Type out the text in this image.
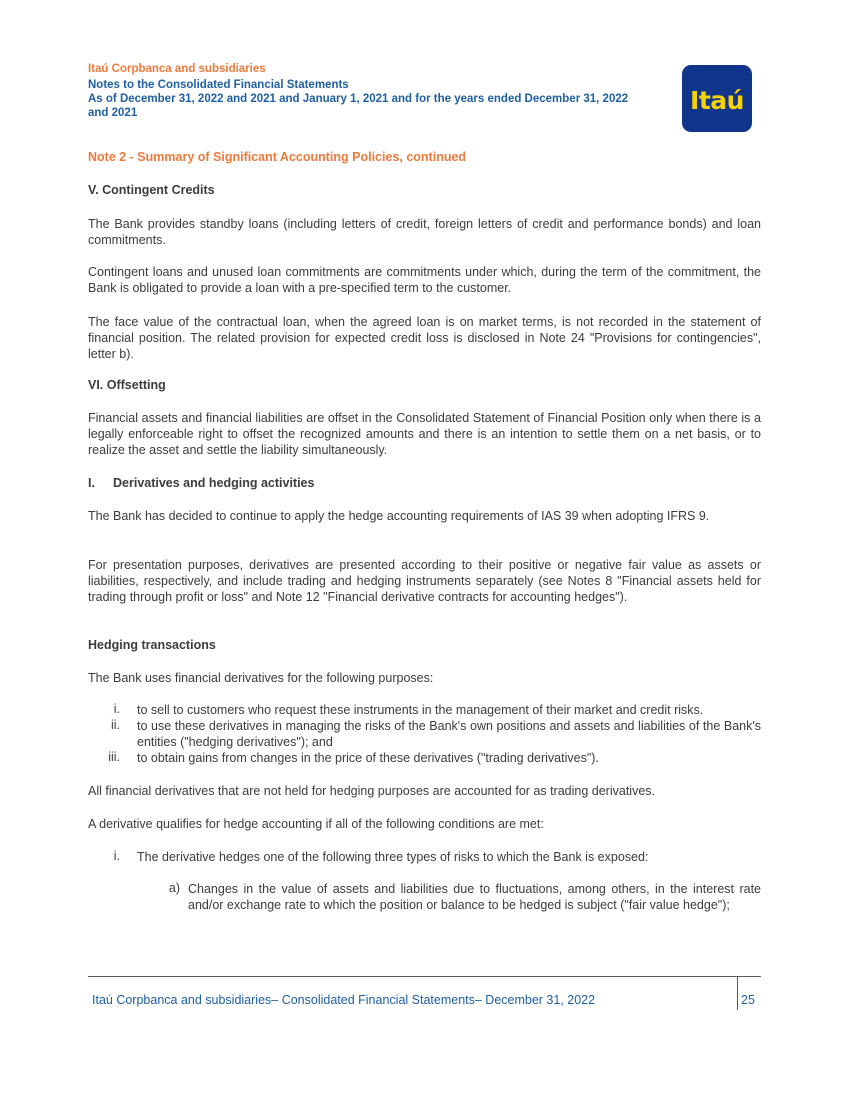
Itaú Corpbanca and subsidiaries
Notes to the Consolidated Financial Statements
As of December 31, 2022 and 2021 and January 1, 2021 and for the years ended December 31, 2022
and 2021	Itaú
Note 2 - Summary of Significant Accounting Policies, continued
V. Contingent Credits
The Bank provides standby loans (including letters of credit, foreign letters of credit and performance bonds) and loan commitments.
Contingent loans and unused loan commitments are commitments under which, during the term of the commitment, the Bank is obligated to provide a loan with a pre-specified term to the customer.
The face value of the contractual loan, when the agreed loan is on market terms, is not recorded in the statement of financial position. The related provision for expected credit loss is disclosed in Note 24 "Provisions for contingencies", letter b).
VI. Offsetting
Financial assets and financial liabilities are offset in the Consolidated Statement of Financial Position only when there is a legally enforceable right to offset the recognized amounts and there is an intention to settle them on a net basis, or to realize the asset and settle the liability simultaneously.
I. Derivatives and hedging activities
The Bank has decided to continue to apply the hedge accounting requirements of IAS 39 when adopting IFRS 9.
For presentation purposes, derivatives are presented according to their positive or negative fair value as assets or liabilities, respectively, and include trading and hedging instruments separately (see Notes 8 "Financial assets held for trading through profit or loss" and Note 12 "Financial derivative contracts for accounting hedges").
Hedging transactions
The Bank uses financial derivatives for the following purposes:
i. to sell to customers who request these instruments in the management of their market and credit risks.
ii. to use these derivatives in managing the risks of the Bank's own positions and assets and liabilities of the Bank's entities ("hedging derivatives"); and
iii. to obtain gains from changes in the price of these derivatives ("trading derivatives").
All financial derivatives that are not held for hedging purposes are accounted for as trading derivatives.
A derivative qualifies for hedge accounting if all of the following conditions are met:
i. The derivative hedges one of the following three types of risks to which the Bank is exposed:
a) Changes in the value of assets and liabilities due to fluctuations, among others, in the interest rate and/or exchange rate to which the position or balance to be hedged is subject ("fair value hedge");
Itaú Corpbanca and subsidiaries– Consolidated Financial Statements– December 31, 2022	25
